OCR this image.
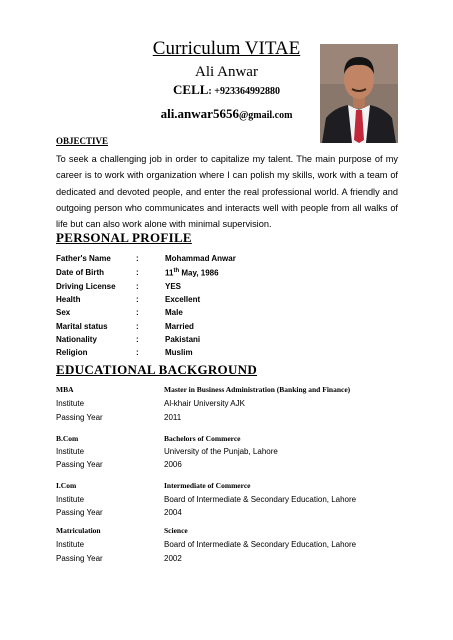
Curriculum VITAE
Ali Anwar
CELL: +923364992880
ali.anwar5656@gmail.com
OBJECTIVE
To seek a challenging job in order to capitalize my talent. The main purpose of my career is to work with organization where I can polish my skills, work with a team of dedicated and devoted people, and enter the real professional world. A friendly and outgoing person who communicates and interacts well with people from all walks of life but can also work alone with minimal supervision.
PERSONAL PROFILE
Father's Name	:	Mohammad Anwar
Date of Birth	:	11th May, 1986
Driving License	:	YES
Health	:	Excellent
Sex	:	Male
Marital status	:	Married
Nationality	:	Pakistani
Religion	:	Muslim
EDUCATIONAL BACKGROUND
MBA	Master in Business Administration (Banking and Finance)
Institute	Al-khair University AJK
Passing Year	2011
B.Com	Bachelors of Commerce
Institute	University of the Punjab, Lahore
Passing Year	2006
I.Com	Intermediate of Commerce
Institute	Board of Intermediate & Secondary Education, Lahore
Passing Year	2004
Matriculation	Science
Institute	Board of Intermediate & Secondary Education, Lahore
Passing Year	2002
